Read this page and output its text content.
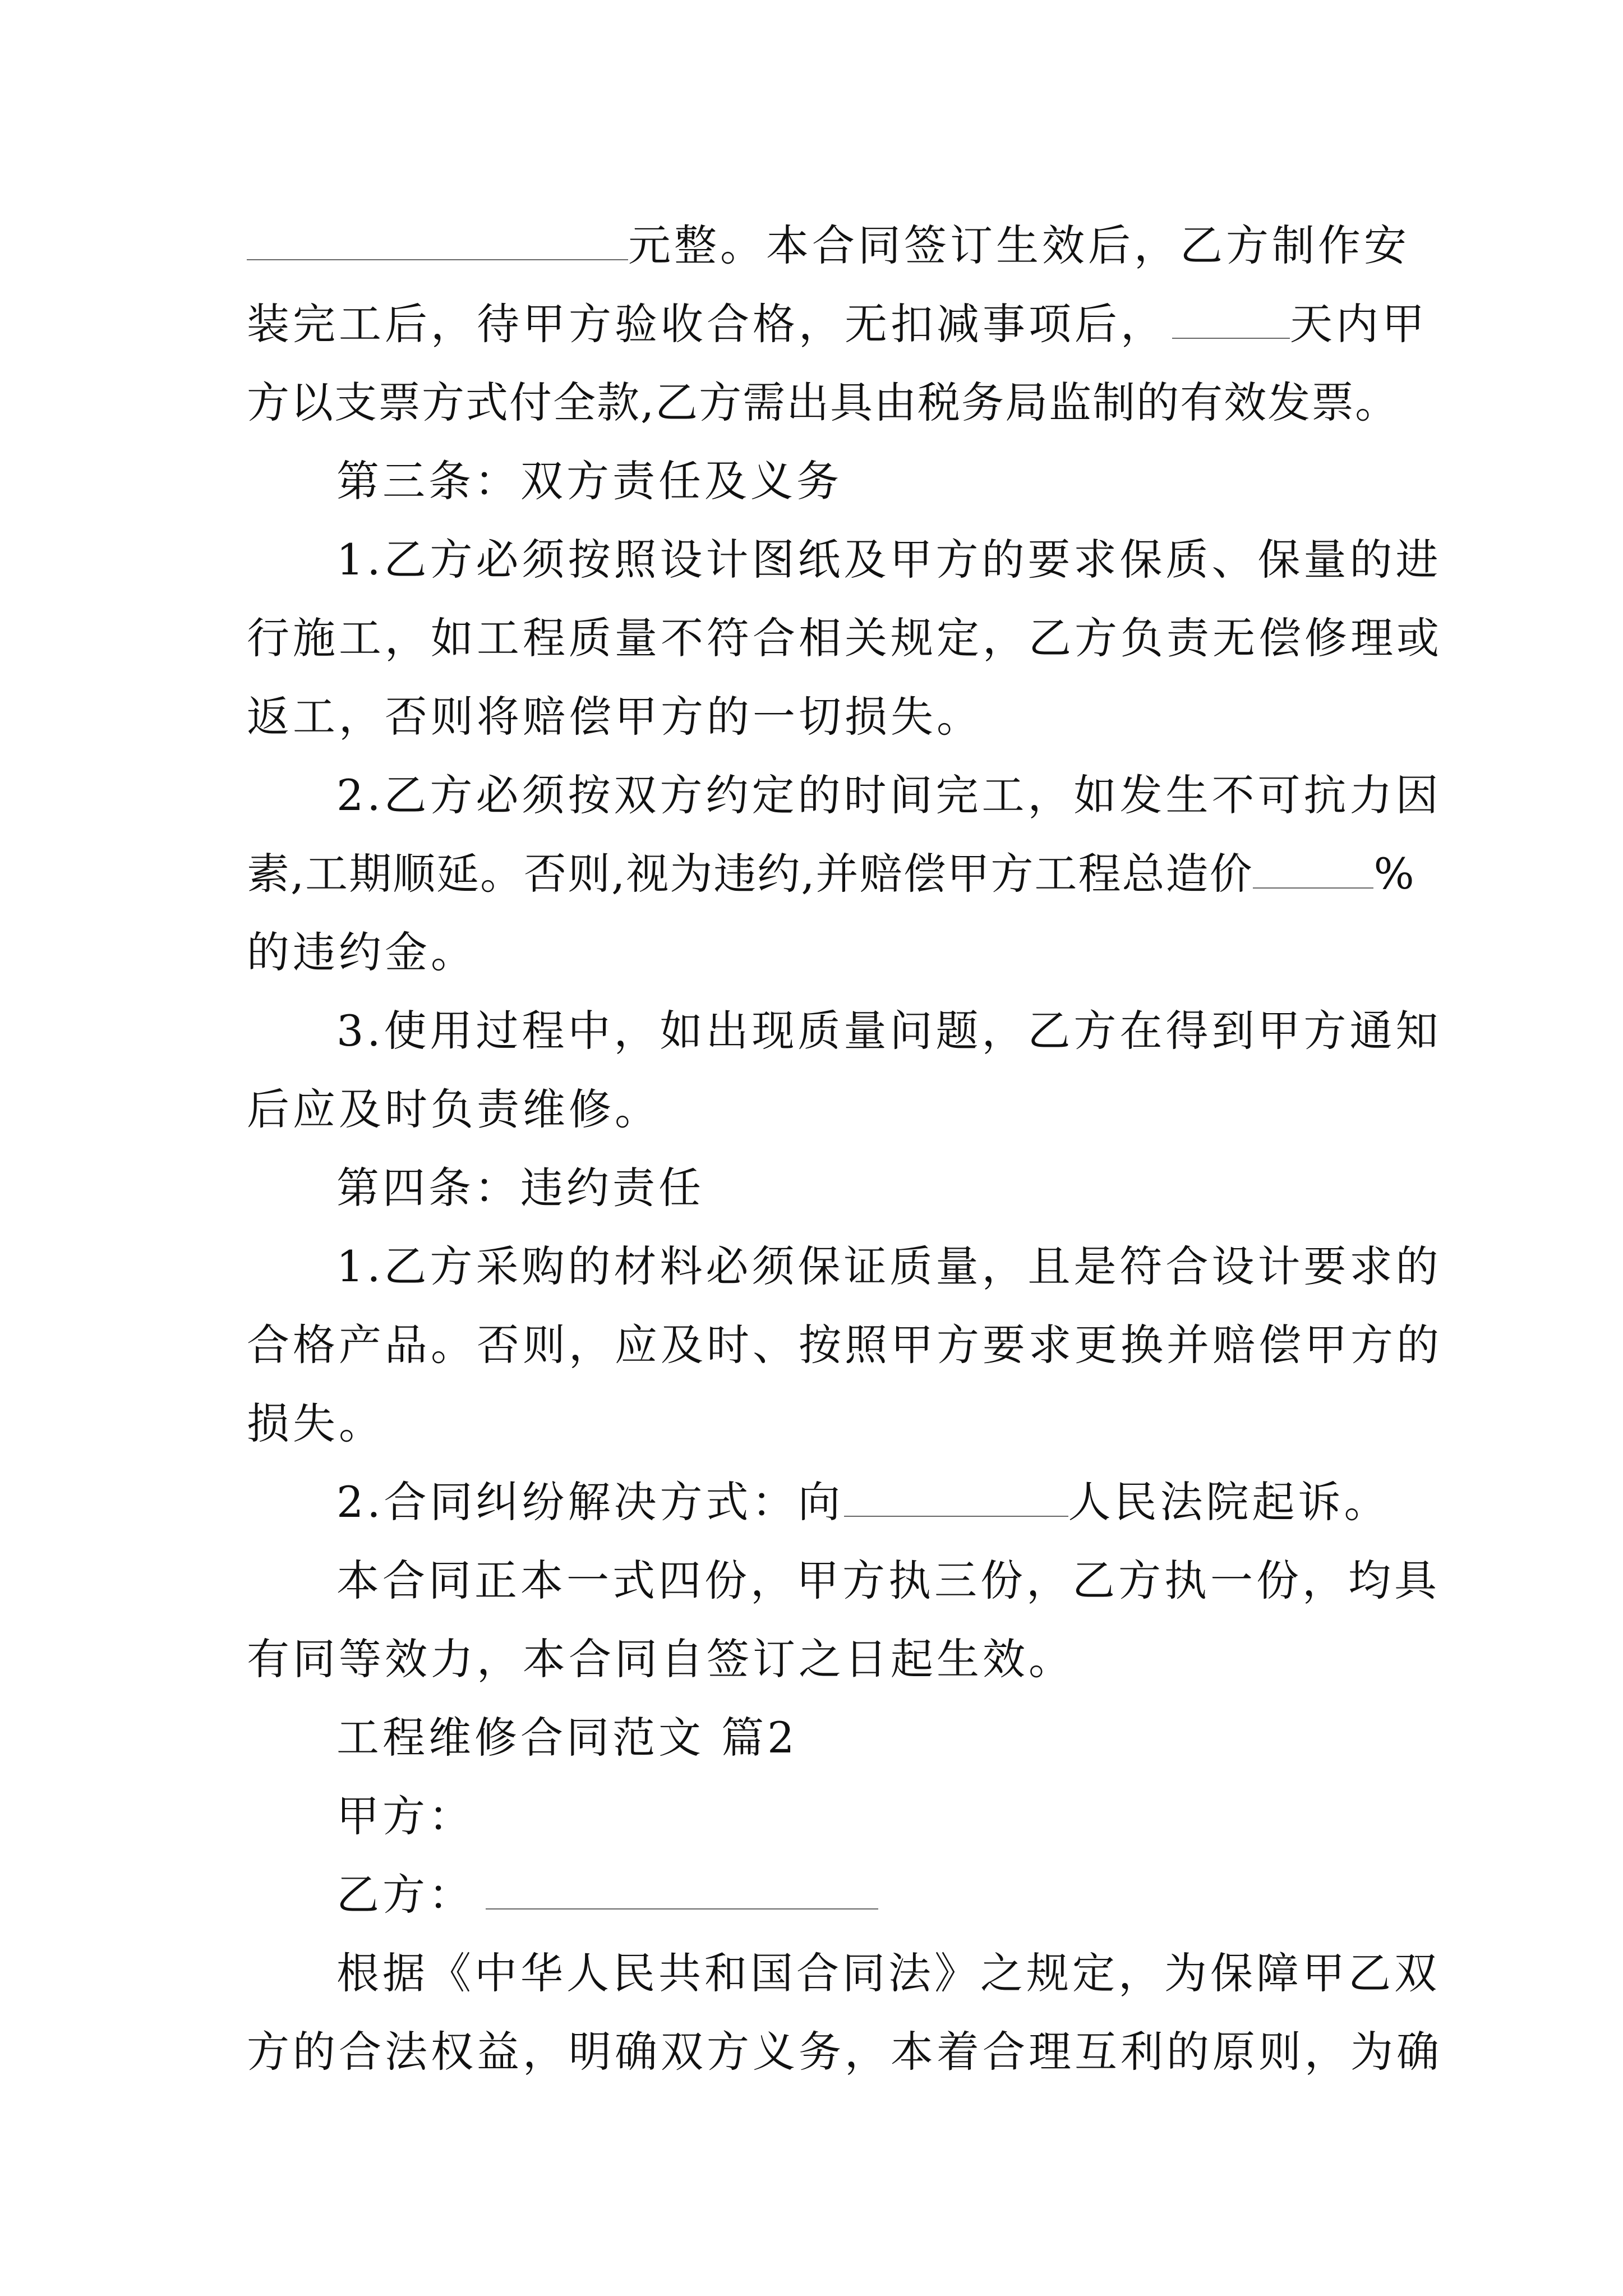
元整。本合同签订生效后，乙方制作安
装完工后，待甲方验收合格，无扣减事项后，	天内甲
方以支票方式付全款,乙方需出具由税务局监制的有效发票。
第三条：双方责任及义务
1.乙方必须按照设计图纸及甲方的要求保质、保量的进
行施工，如工程质量不符合相关规定，乙方负责无偿修理或
返工，否则将赔偿甲方的一切损失。
2.乙方必须按双方约定的时间完工，如发生不可抗力因
素,工期顺延。否则,视为违约,并赔偿甲方工程总造价	%
的违约金。
3.使用过程中，如出现质量问题，乙方在得到甲方通知
后应及时负责维修。
第四条：违约责任
1.乙方采购的材料必须保证质量，且是符合设计要求的
合格产品。否则，应及时、按照甲方要求更换并赔偿甲方的
损失。
2.合同纠纷解决方式：向	人民法院起诉。
本合同正本一式四份，甲方执三份，乙方执一份，均具
有同等效力，本合同自签订之日起生效。
工程维修合同范文 篇2
甲方：
乙方：
根据《中华人民共和国合同法》之规定，为保障甲乙双
方的合法权益，明确双方义务，本着合理互利的原则，为确
